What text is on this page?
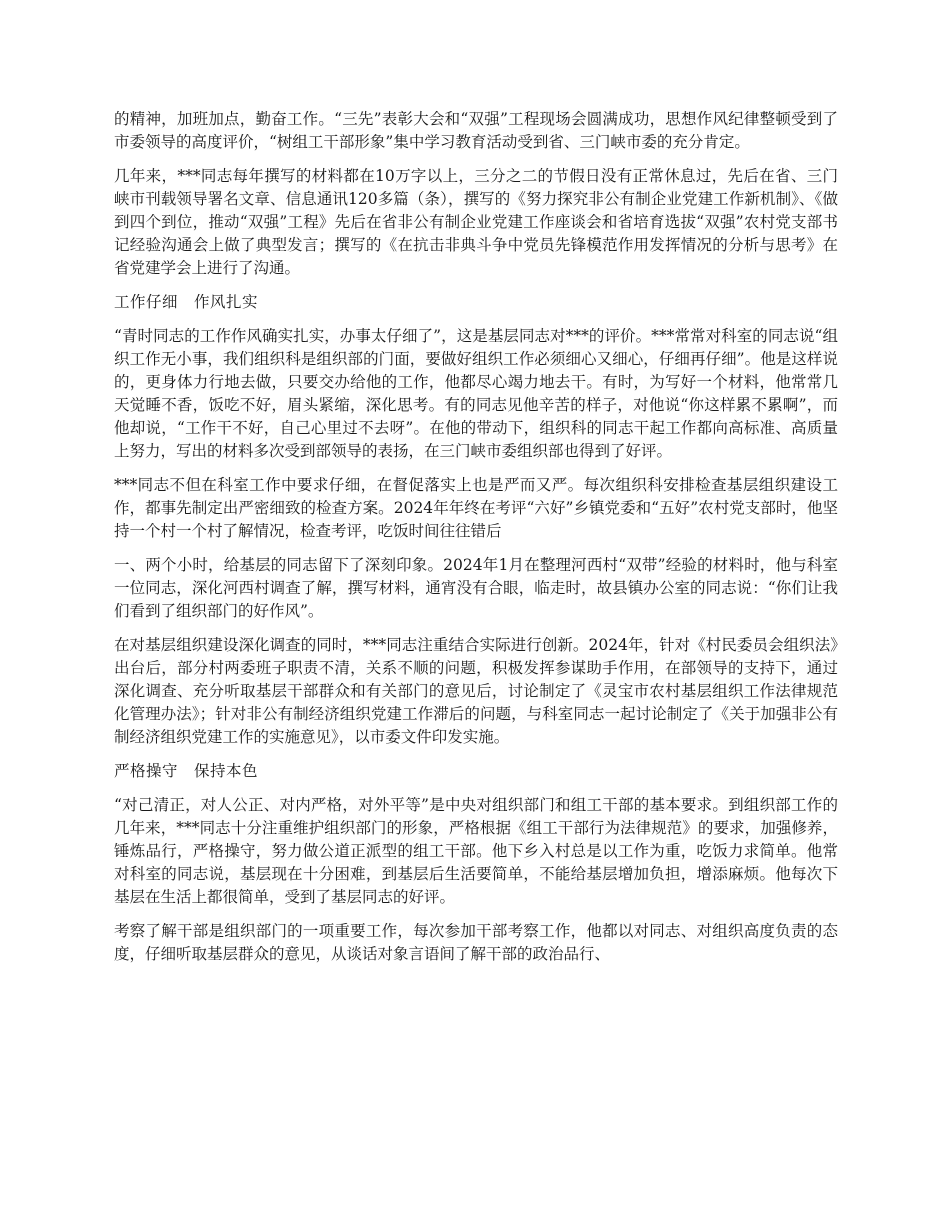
的精神，加班加点，勤奋工作。“三先”表彰大会和“双强”工程现场会圆满成功，思想作风纪律整顿受到了市委领导的高度评价，“树组工干部形象”集中学习教育活动受到省、三门峡市委的充分肯定。

几年来，***同志每年撰写的材料都在10万字以上，三分之二的节假日没有正常休息过，先后在省、三门峡市刊载领导署名文章、信息通讯120多篇（条），撰写的《努力探究非公有制企业党建工作新机制》、《做到四个到位，推动“双强”工程》先后在省非公有制企业党建工作座谈会和省培育选拔“双强”农村党支部书记经验沟通会上做了典型发言；撰写的《在抗击非典斗争中党员先锋模范作用发挥情况的分析与思考》在省党建学会上进行了沟通。

工作仔细　作风扎实

“青时同志的工作作风确实扎实，办事太仔细了”，这是基层同志对***的评价。***常常对科室的同志说“组织工作无小事，我们组织科是组织部的门面，要做好组织工作必须细心又细心，仔细再仔细”。他是这样说的，更身体力行地去做，只要交办给他的工作，他都尽心竭力地去干。有时，为写好一个材料，他常常几天觉睡不香，饭吃不好，眉头紧缩，深化思考。有的同志见他辛苦的样子，对他说“你这样累不累啊”，而他却说，“工作干不好，自己心里过不去呀”。在他的带动下，组织科的同志干起工作都向高标准、高质量上努力，写出的材料多次受到部领导的表扬，在三门峡市委组织部也得到了好评。

***同志不但在科室工作中要求仔细，在督促落实上也是严而又严。每次组织科安排检查基层组织建设工作，都事先制定出严密细致的检查方案。2024年年终在考评“六好”乡镇党委和“五好”农村党支部时，他坚持一个村一个村了解情况，检查考评，吃饭时间往往错后

一、两个小时，给基层的同志留下了深刻印象。2024年1月在整理河西村“双带”经验的材料时，他与科室一位同志，深化河西村调查了解，撰写材料，通宵没有合眼，临走时，故县镇办公室的同志说：“你们让我们看到了组织部门的好作风”。

在对基层组织建设深化调查的同时，***同志注重结合实际进行创新。2024年，针对《村民委员会组织法》出台后，部分村两委班子职责不清，关系不顺的问题，积极发挥参谋助手作用，在部领导的支持下，通过深化调查、充分听取基层干部群众和有关部门的意见后，讨论制定了《灵宝市农村基层组织工作法律规范化管理办法》；针对非公有制经济组织党建工作滞后的问题，与科室同志一起讨论制定了《关于加强非公有制经济组织党建工作的实施意见》，以市委文件印发实施。

严格操守　保持本色

“对己清正，对人公正、对内严格，对外平等”是中央对组织部门和组工干部的基本要求。到组织部工作的几年来，***同志十分注重维护组织部门的形象，严格根据《组工干部行为法律规范》的要求，加强修养，锤炼品行，严格操守，努力做公道正派型的组工干部。他下乡入村总是以工作为重，吃饭力求简单。他常对科室的同志说，基层现在十分困难，到基层后生活要简单，不能给基层增加负担，增添麻烦。他每次下基层在生活上都很简单，受到了基层同志的好评。

考察了解干部是组织部门的一项重要工作，每次参加干部考察工作，他都以对同志、对组织高度负责的态度，仔细听取基层群众的意见，从谈话对象言语间了解干部的政治品行、
